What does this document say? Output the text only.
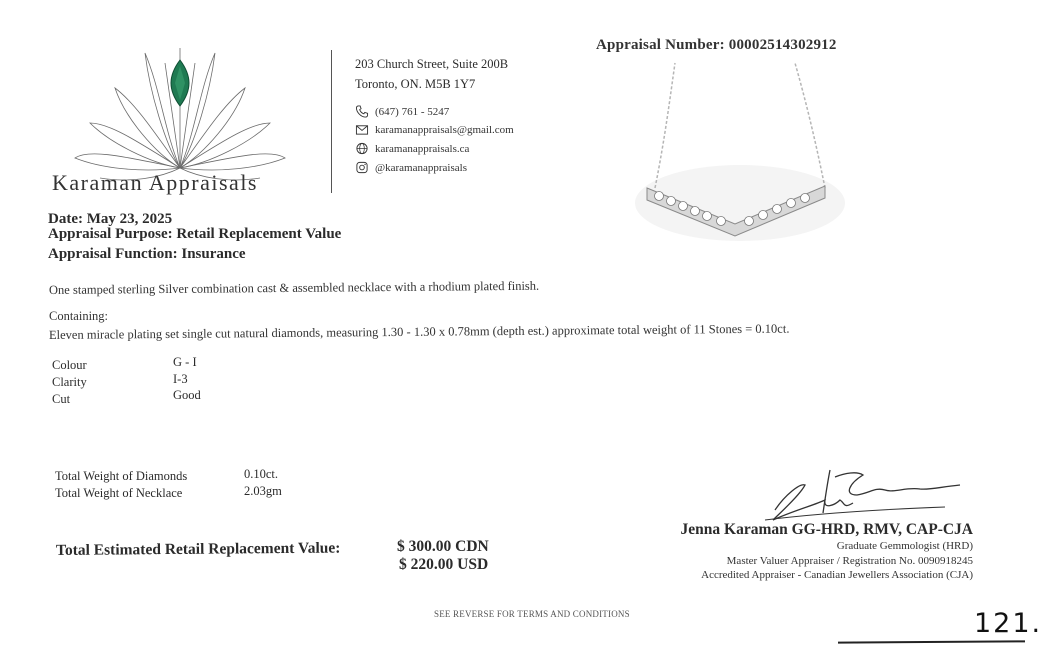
Karaman Appraisals
203 Church Street, Suite 200B
Toronto, ON. M5B 1Y7
(647) 761 - 5247
karamanappraisals@gmail.com
karamanappraisals.ca
@karamanappraisals
Appraisal Number: 00002514302912
Date: May 23, 2025
Appraisal Purpose: Retail Replacement Value
Appraisal Function: Insurance
One stamped sterling Silver combination cast & assembled necklace with a rhodium plated finish.
Containing:
Eleven miracle plating set single cut natural diamonds, measuring 1.30 - 1.30 x 0.78mm (depth est.) approximate total weight of 11 Stones = 0.10ct.
Colour	G - I
Clarity	I-3
Cut	Good
Total Weight of Diamonds	0.10ct.
Total Weight of Necklace	2.03gm
Total Estimated Retail Replacement Value:	$ 300.00 CDN
$ 220.00 USD
Jenna Karaman GG-HRD, RMV, CAP-CJA
Graduate Gemmologist (HRD)
Master Valuer Appraiser / Registration No. 0090918245
Accredited Appraiser - Canadian Jewellers Association (CJA)
SEE REVERSE FOR TERMS AND CONDITIONS	121.
